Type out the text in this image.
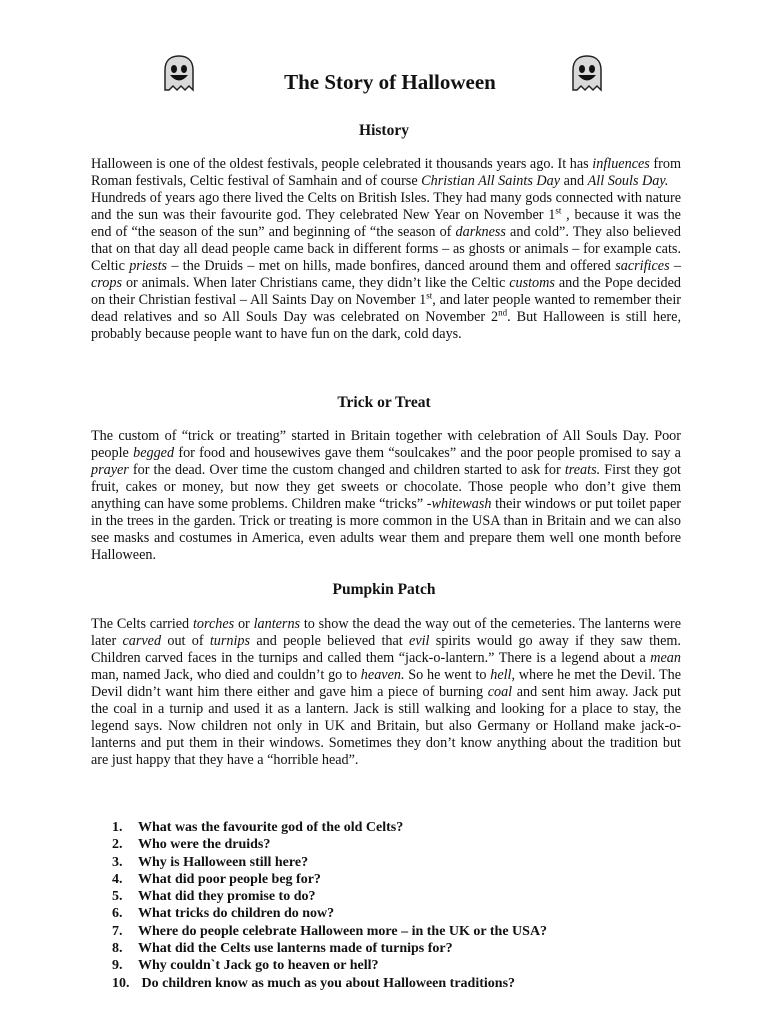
The Story of Halloween
History

Halloween is one of the oldest festivals, people celebrated it thousands years ago. It has influences from Roman festivals, Celtic festival of Samhain and of course Christian All Saints Day and All Souls Day.

Hundreds of years ago there lived the Celts on British Isles. They had many gods connected with nature and the sun was their favourite god. They celebrated New Year on November 1st , because it was the end of “the season of the sun” and beginning of “the season of darkness and cold”. They also believed that on that day all dead people came back in different forms – as ghosts or animals – for example cats. Celtic priests – the Druids – met on hills, made bonfires, danced around them and offered sacrifices – crops or animals. When later Christians came, they didn’t like the Celtic customs and the Pope decided on their Christian festival – All Saints Day on November 1st, and later people wanted to remember their dead relatives and so All Souls Day was celebrated on November 2nd. But Halloween is still here, probably because people want to have fun on the dark, cold days.

Trick or Treat

The custom of “trick or treating” started in Britain together with celebration of All Souls Day. Poor people begged for food and housewives gave them “soulcakes” and the poor people promised to say a prayer for the dead. Over time the custom changed and children started to ask for treats. First they got fruit, cakes or money, but now they get sweets or chocolate. Those people who don’t give them anything can have some problems. Children make “tricks” -whitewash their windows or put toilet paper in the trees in the garden. Trick or treating is more common in the USA than in Britain and we can also see masks and costumes in America, even adults wear them and prepare them well one month before Halloween.

Pumpkin Patch

The Celts carried torches or lanterns to show the dead the way out of the cemeteries. The lanterns were later carved out of turnips and people believed that evil spirits would go away if they saw them. Children carved faces in the turnips and called them “jack-o-lantern.” There is a legend about a mean man, named Jack, who died and couldn’t go to heaven. So he went to hell, where he met the Devil. The Devil didn’t want him there either and gave him a piece of burning coal and sent him away. Jack put the coal in a turnip and used it as a lantern. Jack is still walking and looking for a place to stay, the legend says. Now children not only in UK and Britain, but also Germany or Holland make jack-o-lanterns and put them in their windows. Sometimes they don’t know anything about the tradition but are just happy that they have a “horrible head”.

1. What was the favourite god of the old Celts?
2. Who were the druids?
3. Why is Halloween still here?
4. What did poor people beg for?
5. What did they promise to do?
6. What tricks do children do now?
7. Where do people celebrate Halloween more – in the UK or the USA?
8. What did the Celts use lanterns made of turnips for?
9. Why couldn`t Jack go to heaven or hell?
10. Do children know as much as you about Halloween traditions?
